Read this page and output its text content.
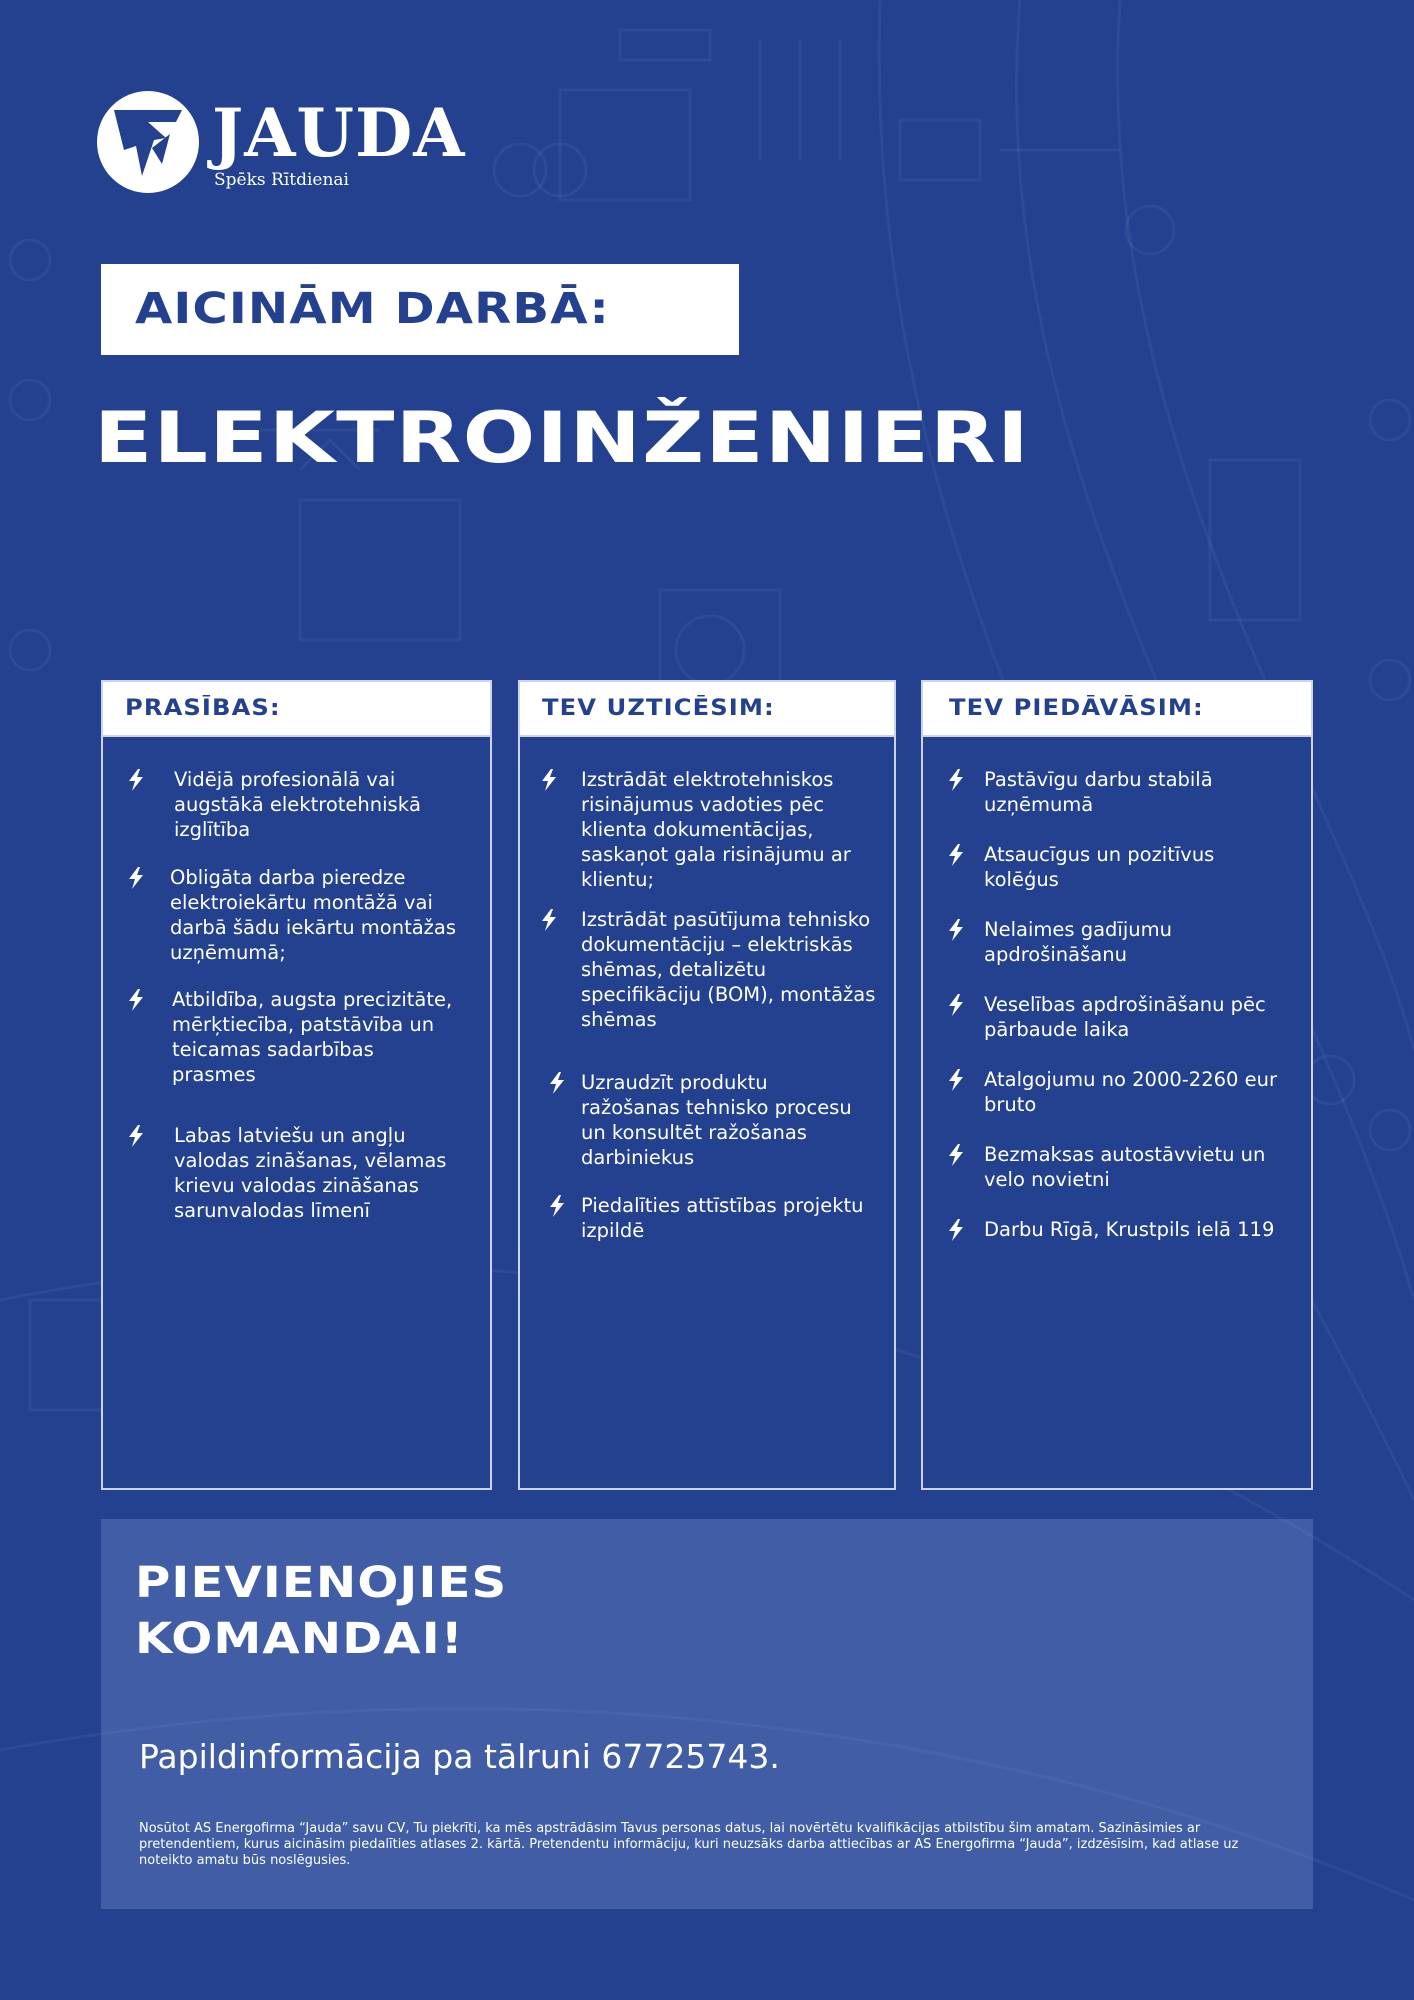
JAUDA
Spēks Rītdienai
AICINĀM DARBĀ:
ELEKTROINŽENIERI
PRASĪBAS:
Vidējā profesionālā vai augstākā elektrotehniskā izglītība
Obligāta darba pieredze elektroiekārtu montāžā vai darbā šādu iekārtu montāžas uzņēmumā;
Atbildība, augsta precizitāte, mērķtiecība, patstāvība un teicamas sadarbības prasmes
Labas latviešu un angļu valodas zināšanas, vēlamas krievu valodas zināšanas sarunvalodas līmenī
TEV UZTICĒSIM:
Izstrādāt elektrotehniskos risinājumus vadoties pēc klienta dokumentācijas, saskaņot gala risinājumu ar klientu;
Izstrādāt pasūtījuma tehnisko dokumentāciju – elektriskās shēmas, detalizētu specifikāciju (BOM), montāžas shēmas
Uzraudzīt produktu ražošanas tehnisko procesu un konsultēt ražošanas darbiniekus
Piedalīties attīstības projektu izpildē
TEV PIEDĀVĀSIM:
Pastāvīgu darbu stabilā uzņēmumā
Atsaucīgus un pozitīvus kolēģus
Nelaimes gadījumu apdrošināšanu
Veselības apdrošināšanu pēc pārbaude laika
Atalgojumu no 2000-2260 eur bruto
Bezmaksas autostāvvietu un velo novietni
Darbu Rīgā, Krustpils ielā 119
PIEVIENOJIES
KOMANDAI!
Papildinformācija pa tālruni 67725743.
Nosūtot AS Energofirma “Jauda” savu CV, Tu piekrīti, ka mēs apstrādāsim Tavus personas datus, lai novērtētu kvalifikācijas atbilstību šim amatam. Sazināsimies ar pretendentiem, kurus aicināsim piedalīties atlases 2. kārtā. Pretendentu informāciju, kuri neuzsāks darba attiecības ar AS Energofirma “Jauda”, izdzēsīsim, kad atlase uz noteikto amatu būs noslēgusies.
